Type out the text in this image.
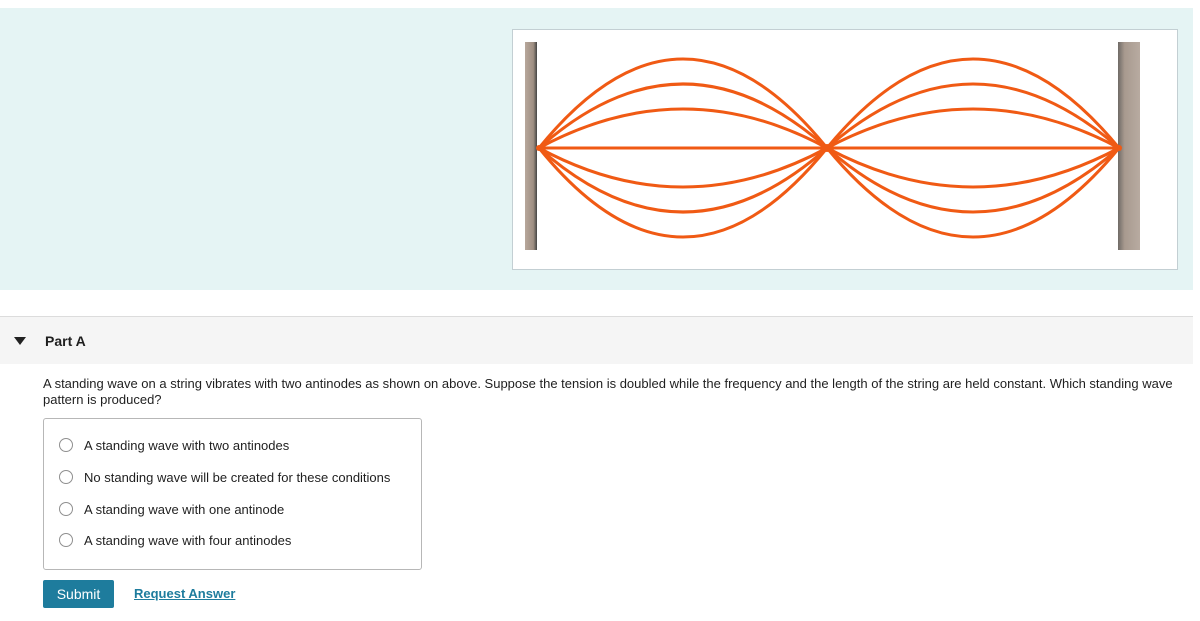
Part A

A standing wave on a string vibrates with two antinodes as shown on above. Suppose the tension is doubled while the frequency and the length of the string are held constant. Which standing wave pattern is produced?

A standing wave with two antinodes
No standing wave will be created for these conditions
A standing wave with one antinode
A standing wave with four antinodes
Submit	Request Answer
